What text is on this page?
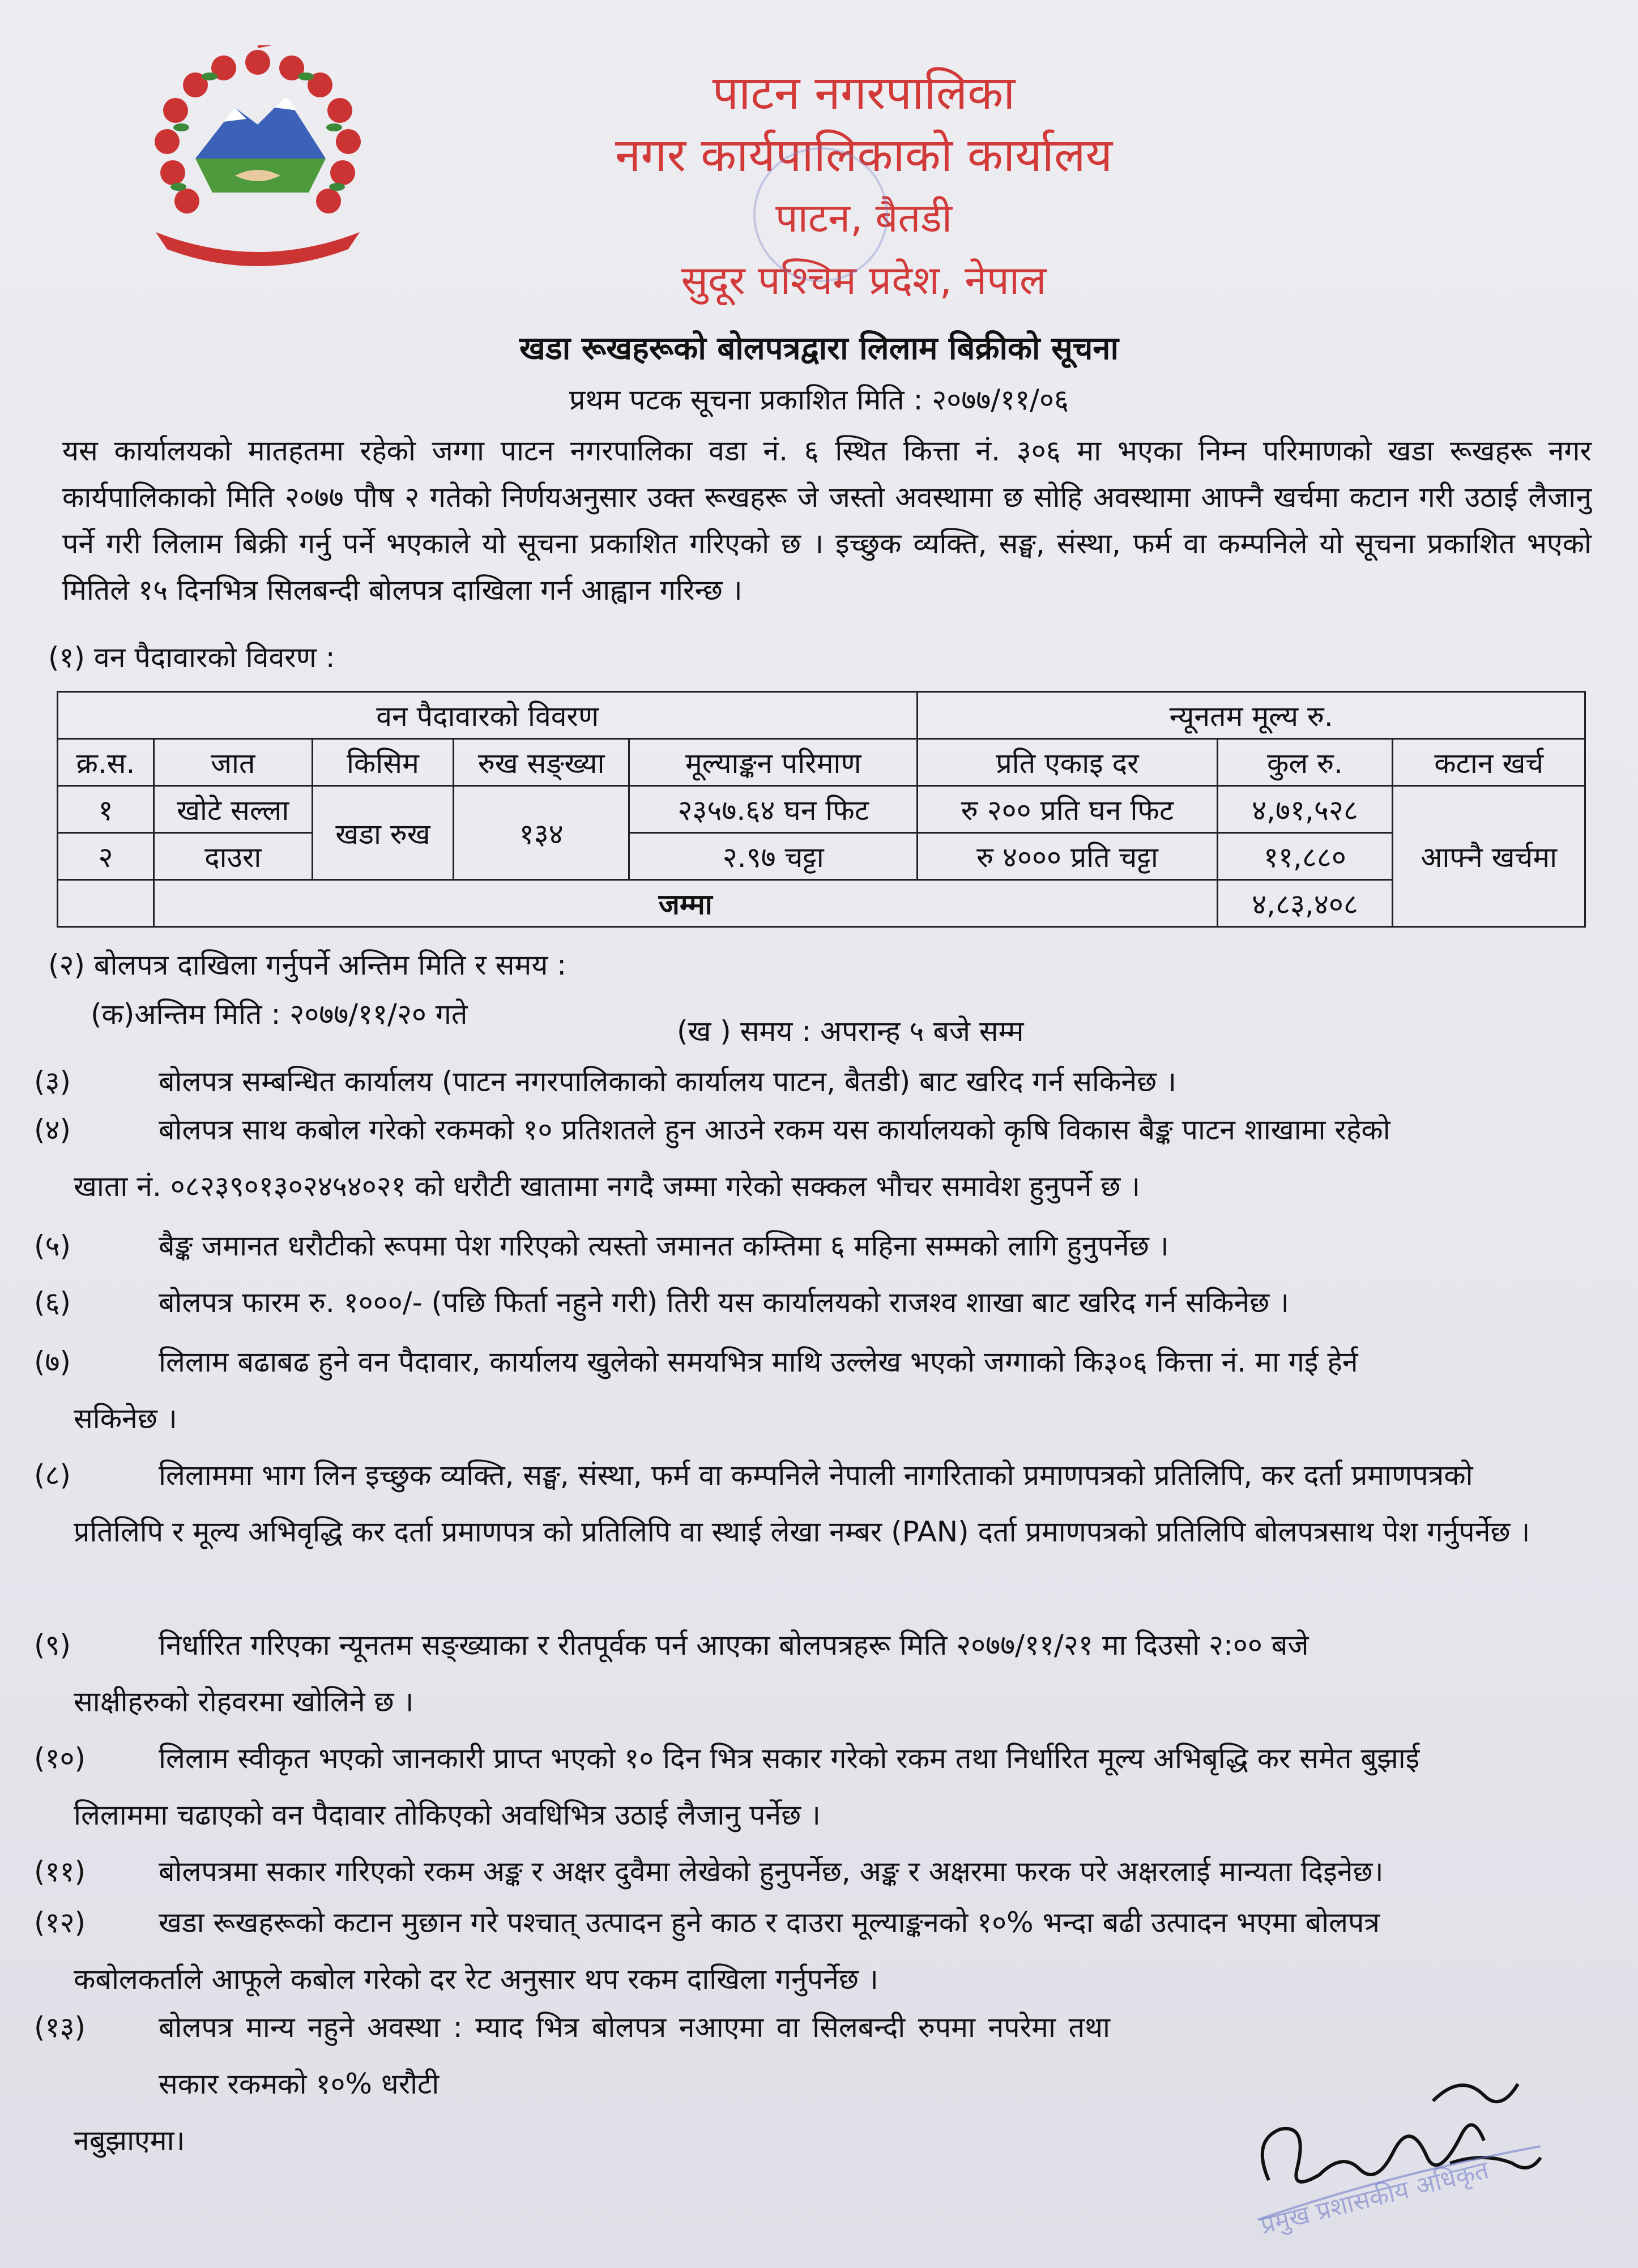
पाटन नगरपालिका
नगर कार्यपालिकाको कार्यालय
पाटन, बैतडी
सुदूर पश्चिम प्रदेश, नेपाल
खडा रूखहरूको बोलपत्रद्वारा लिलाम बिक्रीको सूचना
प्रथम पटक सूचना प्रकाशित मिति : २०७७/११/०६
यस कार्यालयको मातहतमा रहेको जग्गा पाटन नगरपालिका वडा नं. ६ स्थित कित्ता नं. ३०६ मा भएका निम्न परिमाणको खडा रूखहरू नगर कार्यपालिकाको मिति २०७७ पौष २ गतेको निर्णयअनुसार उक्त रूखहरू जे जस्तो अवस्थामा छ सोहि अवस्थामा आफ्नै खर्चमा कटान गरी उठाई लैजानु पर्ने गरी लिलाम बिक्री गर्नु पर्ने भएकाले यो सूचना प्रकाशित गरिएको छ । इच्छुक व्यक्ति, सङ्घ, संस्था, फर्म वा कम्पनिले यो सूचना प्रकाशित भएको मितिले १५ दिनभित्र सिलबन्दी बोलपत्र दाखिला गर्न आह्वान गरिन्छ ।
(१) वन पैदावारको विवरण :
वन पैदावारको विवरण					न्यूनतम मूल्य रु.		
क्र.स.	जात	किसिम	रुख सङ्ख्या	मूल्याङ्कन परिमाण	प्रति एकाइ दर	कुल रु.	कटान खर्च
१	खोटे सल्ला	खडा रुख	१३४	२३५७.६४ घन फिट	रु २०० प्रति घन फिट	४,७१,५२८	आफ्नै खर्चमा
२	दाउरा			२.९७ चट्टा	रु ४००० प्रति चट्टा	११,८८०	
	जम्मा					४,८३,४०८	
(२) बोलपत्र दाखिला गर्नुपर्ने अन्तिम मिति र समय :
(क)अन्तिम मिति : २०७७/११/२० गते
(ख ) समय : अपरान्ह ५ बजे सम्म
(३)	बोलपत्र सम्बन्धित कार्यालय (पाटन नगरपालिकाको कार्यालय पाटन, बैतडी) बाट खरिद गर्न सकिनेछ ।
(४)	बोलपत्र साथ कबोल गरेको रकमको १० प्रतिशतले हुन आउने रकम यस कार्यालयको कृषि विकास बैङ्क पाटन शाखामा रहेको
खाता नं. ०८२३९०१३०२४५४०२१ को धरौटी खातामा नगदै जम्मा गरेको सक्कल भौचर समावेश हुनुपर्ने छ ।
(५)	बैङ्क जमानत धरौटीको रूपमा पेश गरिएको त्यस्तो जमानत कम्तिमा ६ महिना सम्मको लागि हुनुपर्नेछ ।
(६)	बोलपत्र फारम रु. १०००/- (पछि फिर्ता नहुने गरी) तिरी यस कार्यालयको राजश्व शाखा बाट खरिद गर्न सकिनेछ ।
(७)	लिलाम बढाबढ हुने वन पैदावार, कार्यालय खुलेको समयभित्र माथि उल्लेख भएको जग्गाको कि३०६ कित्ता नं. मा गई हेर्न
सकिनेछ ।
(८)	लिलाममा भाग लिन इच्छुक व्यक्ति, सङ्घ, संस्था, फर्म वा कम्पनिले नेपाली नागरिताको प्रमाणपत्रको प्रतिलिपि, कर दर्ता प्रमाणपत्रको
प्रतिलिपि र मूल्य अभिवृद्धि कर दर्ता प्रमाणपत्र को प्रतिलिपि वा स्थाई लेखा नम्बर (PAN) दर्ता प्रमाणपत्रको प्रतिलिपि बोलपत्रसाथ पेश गर्नुपर्नेछ ।
(९)	निर्धारित गरिएका न्यूनतम सङ्ख्याका र रीतपूर्वक पर्न आएका बोलपत्रहरू मिति २०७७/११/२१ मा दिउसो २:०० बजे
साक्षीहरुको रोहवरमा खोलिने छ ।
(१०)	लिलाम स्वीकृत भएको जानकारी प्राप्त भएको १० दिन भित्र सकार गरेको रकम तथा निर्धारित मूल्य अभिबृद्धि कर समेत बुझाई
लिलाममा चढाएको वन पैदावार तोकिएको अवधिभित्र उठाई लैजानु पर्नेछ ।
(११)	बोलपत्रमा सकार गरिएको रकम अङ्क र अक्षर दुवैमा लेखेको हुनुपर्नेछ, अङ्क र अक्षरमा फरक परे अक्षरलाई मान्यता दिइनेछ।
(१२)	खडा रूखहरूको कटान मुछान गरे पश्चात् उत्पादन हुने काठ र दाउरा मूल्याङ्कनको १०% भन्दा बढी उत्पादन भएमा बोलपत्र
कबोलकर्ताले आफूले कबोल गरेको दर रेट अनुसार थप रकम दाखिला गर्नुपर्नेछ ।
(१३)	बोलपत्र मान्य नहुने अवस्था : म्याद भित्र बोलपत्र नआएमा वा सिलबन्दी रुपमा नपरेमा तथा सकार रकमको १०% धरौटी
नबुझाएमा।
प्रमुख प्रशासकीय अधिकृत
